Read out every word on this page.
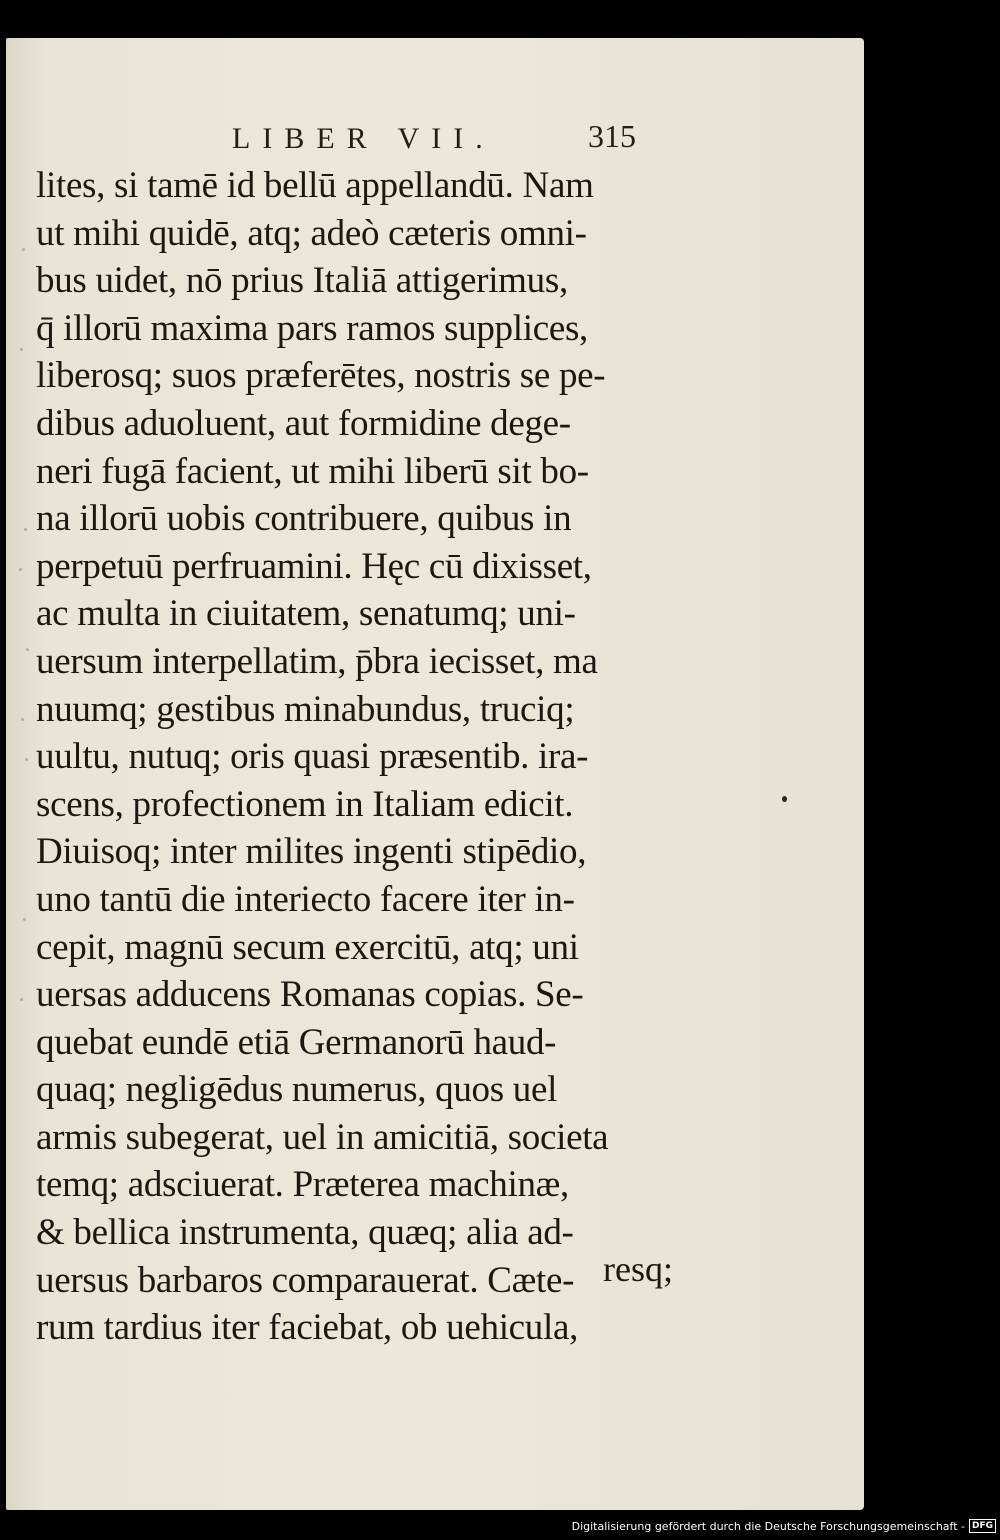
LIBER VII.	315
lites, si tamē id bellū appellandū. Nam
ut mihi quidē, atq; adeò cæteris omni-
bus uidet, nō prius Italiā attigerimus,
q̄ illorū maxima pars ramos supplices,
liberosq; suos præferētes, nostris se pe-
dibus aduoluent, aut formidine dege-
neri fugā facient, ut mihi liberū sit bo-
na illorū uobis contribuere, quibus in
perpetuū perfruamini. Hęc cū dixisset,
ac multa in ciuitatem, senatumq; uni-
uersum interpellatim, p̄bra iecisset, ma
nuumq; gestibus minabundus, truciq;
uultu, nutuq; oris quasi præsentib. ira-
scens, profectionem in Italiam edicit.
Diuisoq; inter milites ingenti stipēdio,
uno tantū die interiecto facere iter in-
cepit, magnū secum exercitū, atq; uni
uersas adducens Romanas copias. Se-
quebat eundē etiā Germanorū haud-
quaq; negligēdus numerus, quos uel
armis subegerat, uel in amicitiā, societa
temq; adsciuerat. Præterea machinæ,
& bellica instrumenta, quæq; alia ad-
uersus barbaros comparauerat. Cæte-
rum tardius iter faciebat, ob uehicula,
resq;
Digitalisierung gefördert durch die Deutsche Forschungsgemeinschaft - DFG
